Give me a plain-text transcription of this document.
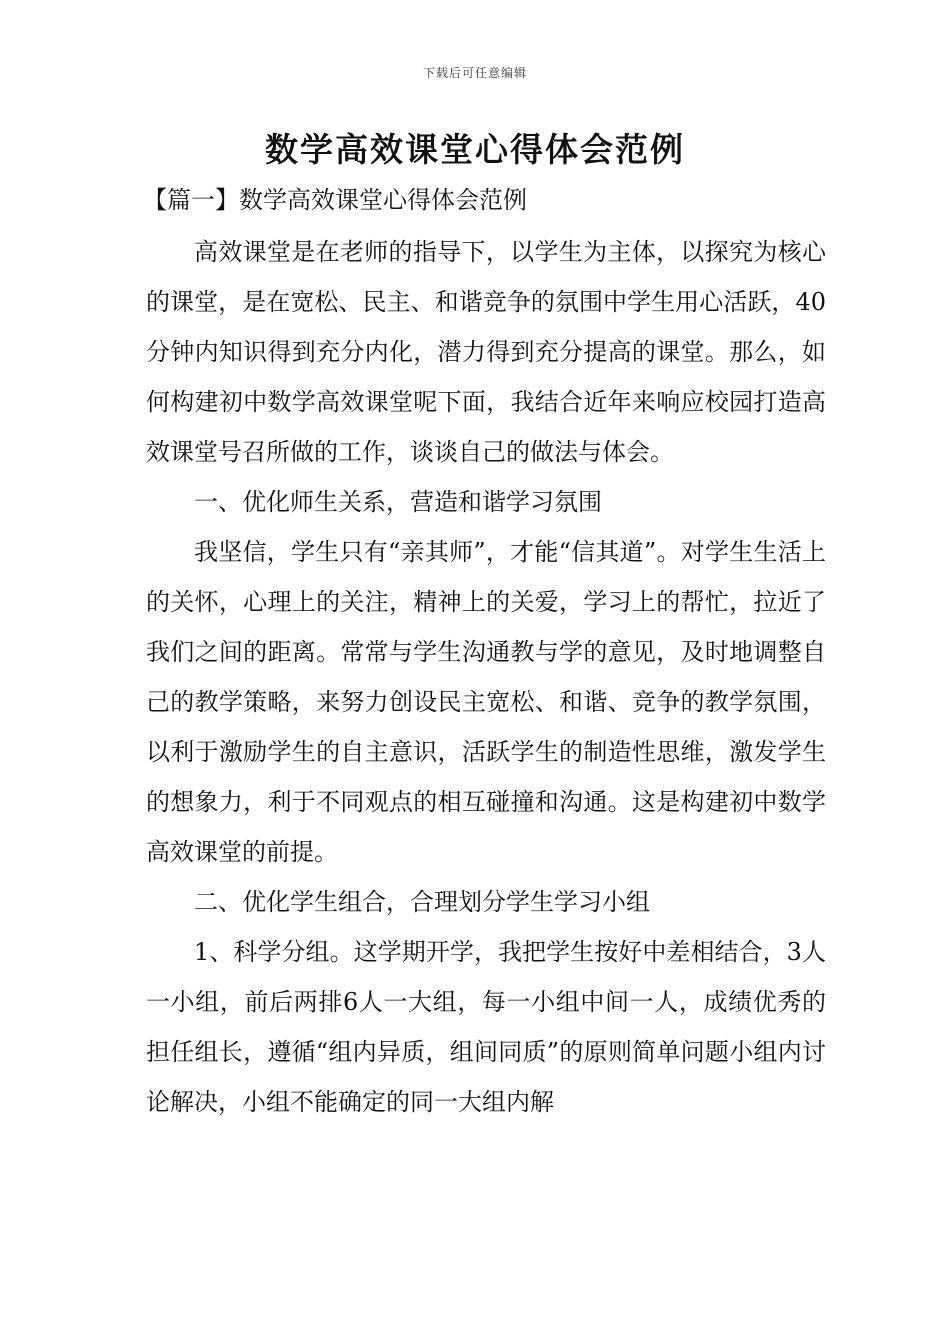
下载后可任意编辑
数学高效课堂心得体会范例
【篇一】数学高效课堂心得体会范例

高效课堂是在老师的指导下，以学生为主体，以探究为核心的课堂，是在宽松、民主、和谐竞争的氛围中学生用心活跃，40分钟内知识得到充分内化，潜力得到充分提高的课堂。那么，如何构建初中数学高效课堂呢下面，我结合近年来响应校园打造高效课堂号召所做的工作，谈谈自己的做法与体会。

一、优化师生关系，营造和谐学习氛围

我坚信，学生只有“亲其师”，才能“信其道”。对学生生活上的关怀，心理上的关注，精神上的关爱，学习上的帮忙，拉近了我们之间的距离。常常与学生沟通教与学的意见，及时地调整自己的教学策略，来努力创设民主宽松、和谐、竞争的教学氛围，以利于激励学生的自主意识，活跃学生的制造性思维，激发学生的想象力，利于不同观点的相互碰撞和沟通。这是构建初中数学高效课堂的前提。

二、优化学生组合，合理划分学生学习小组

1、科学分组。这学期开学，我把学生按好中差相结合，3人一小组，前后两排6人一大组，每一小组中间一人，成绩优秀的担任组长，遵循“组内异质，组间同质”的原则简单问题小组内讨论解决，小组不能确定的同一大组内解
